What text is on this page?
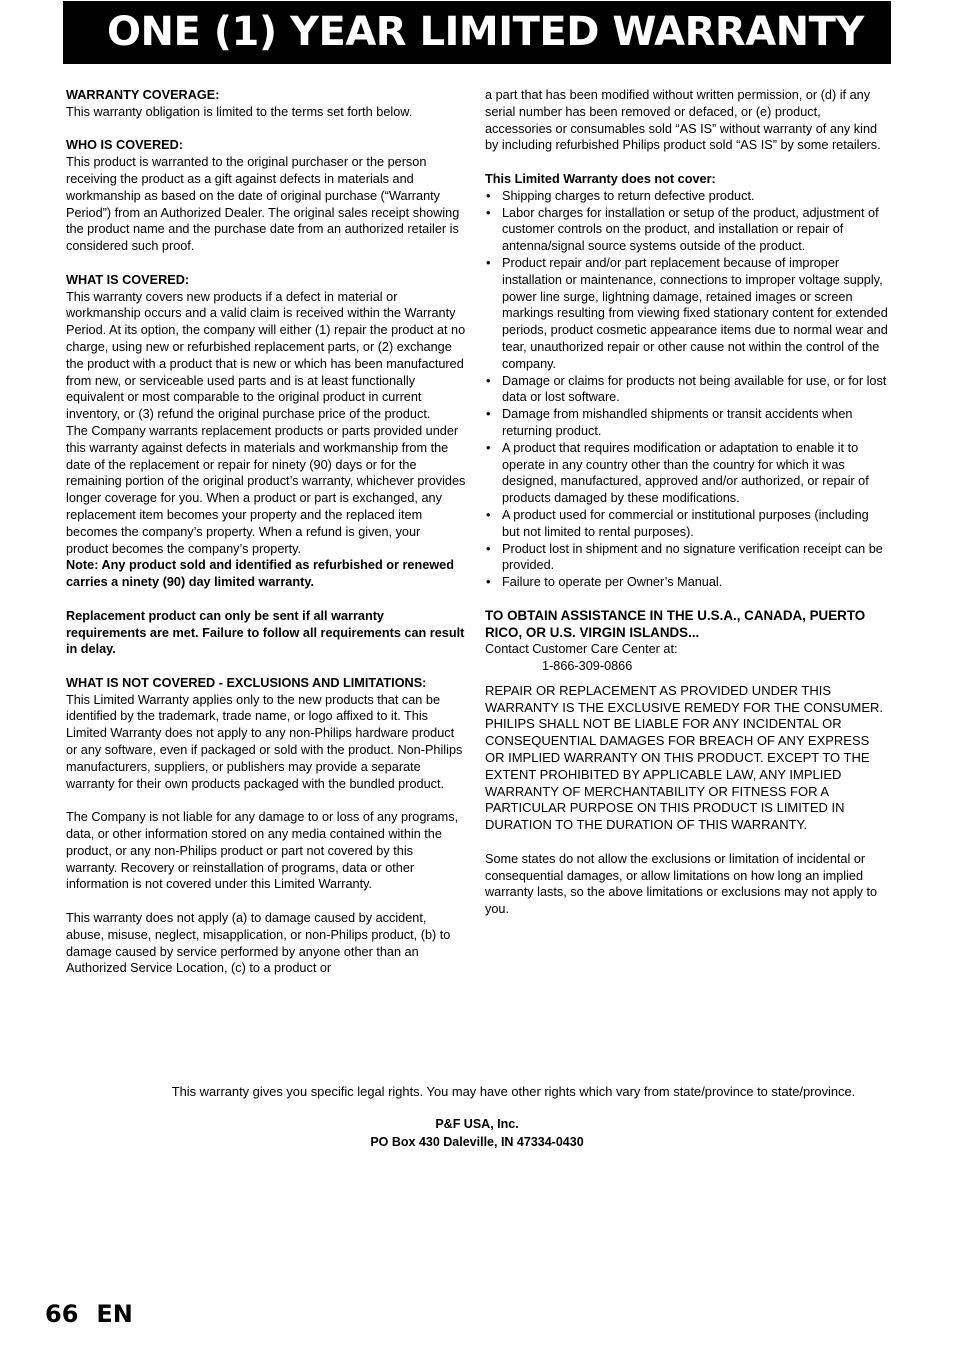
ONE (1) YEAR LIMITED WARRANTY

WARRANTY COVERAGE:

This warranty obligation is limited to the terms set forth below.

WHO IS COVERED:

This product is warranted to the original purchaser or the person receiving the product as a gift against defects in materials and workmanship as based on the date of original purchase (“Warranty Period”) from an Authorized Dealer. The original sales receipt showing the product name and the purchase date from an authorized retailer is considered such proof.

WHAT IS COVERED:

This warranty covers new products if a defect in material or workmanship occurs and a valid claim is received within the Warranty Period. At its option, the company will either (1) repair the product at no charge, using new or refurbished replacement parts, or (2) exchange the product with a product that is new or which has been manufactured from new, or serviceable used parts and is at least functionally equivalent or most comparable to the original product in current inventory, or (3) refund the original purchase price of the product.

The Company warrants replacement products or parts provided under this warranty against defects in materials and workmanship from the date of the replacement or repair for ninety (90) days or for the remaining portion of the original product’s warranty, whichever provides longer coverage for you. When a product or part is exchanged, any replacement item becomes your property and the replaced item becomes the company’s property. When a refund is given, your product becomes the company’s property.

Note: Any product sold and identified as refurbished or renewed carries a ninety (90) day limited warranty.

Replacement product can only be sent if all warranty requirements are met. Failure to follow all requirements can result in delay.

WHAT IS NOT COVERED - EXCLUSIONS AND LIMITATIONS:

This Limited Warranty applies only to the new products that can be identified by the trademark, trade name, or logo affixed to it. This Limited Warranty does not apply to any non-Philips hardware product or any software, even if packaged or sold with the product. Non-Philips manufacturers, suppliers, or publishers may provide a separate warranty for their own products packaged with the bundled product.

The Company is not liable for any damage to or loss of any programs, data, or other information stored on any media contained within the product, or any non-Philips product or part not covered by this warranty. Recovery or reinstallation of programs, data or other information is not covered under this Limited Warranty.

This warranty does not apply (a) to damage caused by accident, abuse, misuse, neglect, misapplication, or non-Philips product, (b) to damage caused by service performed by anyone other than an Authorized Service Location, (c) to a product or

a part that has been modified without written permission, or (d) if any serial number has been removed or defaced, or (e) product, accessories or consumables sold “AS IS” without warranty of any kind by including refurbished Philips product sold “AS IS” by some retailers.

This Limited Warranty does not cover:

• Shipping charges to return defective product.
• Labor charges for installation or setup of the product, adjustment of customer controls on the product, and installation or repair of antenna/signal source systems outside of the product.
• Product repair and/or part replacement because of improper installation or maintenance, connections to improper voltage supply, power line surge, lightning damage, retained images or screen markings resulting from viewing fixed stationary content for extended periods, product cosmetic appearance items due to normal wear and tear, unauthorized repair or other cause not within the control of the company.
• Damage or claims for products not being available for use, or for lost data or lost software.
• Damage from mishandled shipments or transit accidents when returning product.
• A product that requires modification or adaptation to enable it to operate in any country other than the country for which it was designed, manufactured, approved and/or authorized, or repair of products damaged by these modifications.
• A product used for commercial or institutional purposes (including but not limited to rental purposes).
• Product lost in shipment and no signature verification receipt can be provided.
• Failure to operate per Owner’s Manual.

TO OBTAIN ASSISTANCE IN THE U.S.A., CANADA, PUERTO RICO, OR U.S. VIRGIN ISLANDS...

Contact Customer Care Center at:

1-866-309-0866

REPAIR OR REPLACEMENT AS PROVIDED UNDER THIS WARRANTY IS THE EXCLUSIVE REMEDY FOR THE CONSUMER. PHILIPS SHALL NOT BE LIABLE FOR ANY INCIDENTAL OR CONSEQUENTIAL DAMAGES FOR BREACH OF ANY EXPRESS OR IMPLIED WARRANTY ON THIS PRODUCT. EXCEPT TO THE EXTENT PROHIBITED BY APPLICABLE LAW, ANY IMPLIED WARRANTY OF MERCHANTABILITY OR FITNESS FOR A PARTICULAR PURPOSE ON THIS PRODUCT IS LIMITED IN DURATION TO THE DURATION OF THIS WARRANTY.

Some states do not allow the exclusions or limitation of incidental or consequential damages, or allow limitations on how long an implied warranty lasts, so the above limitations or exclusions may not apply to you.

This warranty gives you specific legal rights. You may have other rights which vary from state/province to state/province.
P&F USA, Inc.
PO Box 430 Daleville, IN 47334-0430
66 EN
